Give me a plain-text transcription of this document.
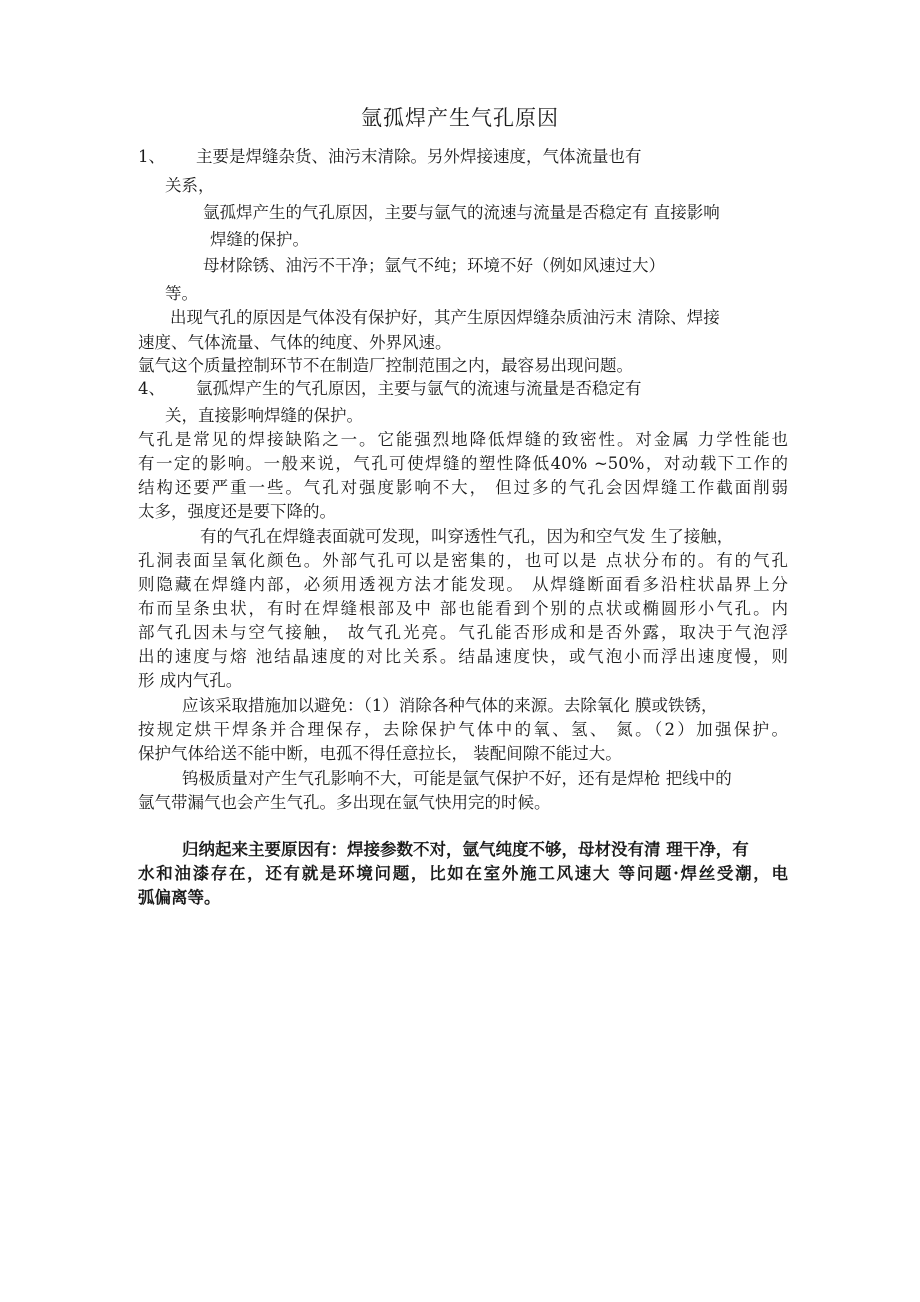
氩孤焊产生气孔原因
1、 主要是焊缝杂货、油污末清除。另外焊接速度，气体流量也有
关系，
氩孤焊产生的气孔原因，主要与氩气的流速与流量是否稳定有 直接影响
焊缝的保护。
母材除锈、油污不干净；氩气不纯；环境不好（例如风速过大）
等。
出现气孔的原因是气体没有保护好，其产生原因焊缝杂质油污末 清除、焊接
速度、气体流量、气体的纯度、外界风速。
氩气这个质量控制环节不在制造厂控制范围之内，最容易出现问题。
4、 氩孤焊产生的气孔原因，主要与氩气的流速与流量是否稳定有
关，直接影响焊缝的保护。
气孔是常见的焊接缺陷之一。它能强烈地降低焊缝的致密性。对金属 力学性能也
有一定的影响。一般来说，气孔可使焊缝的塑性降低40% ~50%，对动载下工作的
结构还要严重一些。气孔对强度影响不大， 但过多的气孔会因焊缝工作截面削弱
太多，强度还是要下降的。
有的气孔在焊缝表面就可发现，叫穿透性气孔，因为和空气发 生了接触，
孔洞表面呈氧化颜色。外部气孔可以是密集的，也可以是 点状分布的。有的气孔
则隐藏在焊缝内部，必须用透视方法才能发现。 从焊缝断面看多沿柱状晶界上分
布而呈条虫状，有时在焊缝根部及中 部也能看到个别的点状或椭圆形小气孔。内
部气孔因未与空气接触， 故气孔光亮。气孔能否形成和是否外露，取决于气泡浮
出的速度与熔 池结晶速度的对比关系。结晶速度快，或气泡小而浮出速度慢，则
形 成内气孔。
应该采取措施加以避免：（1）消除各种气体的来源。去除氧化 膜或铁锈，
按规定烘干焊条并合理保存，去除保护气体中的氧、氢、 氮。（2）加强保护。
保护气体给送不能中断，电孤不得任意拉长， 装配间隙不能过大。
钨极质量对产生气孔影响不大，可能是氩气保护不好，还有是焊枪 把线中的
氩气带漏气也会产生气孔。多出现在氩气快用完的时候。
归纳起来主要原因有：焊接参数不对，氩气纯度不够，母材没有清 理干净，有
水和油漆存在，还有就是环境问题，比如在室外施工风速大 等问题·焊丝受潮，电
弧偏离等。
